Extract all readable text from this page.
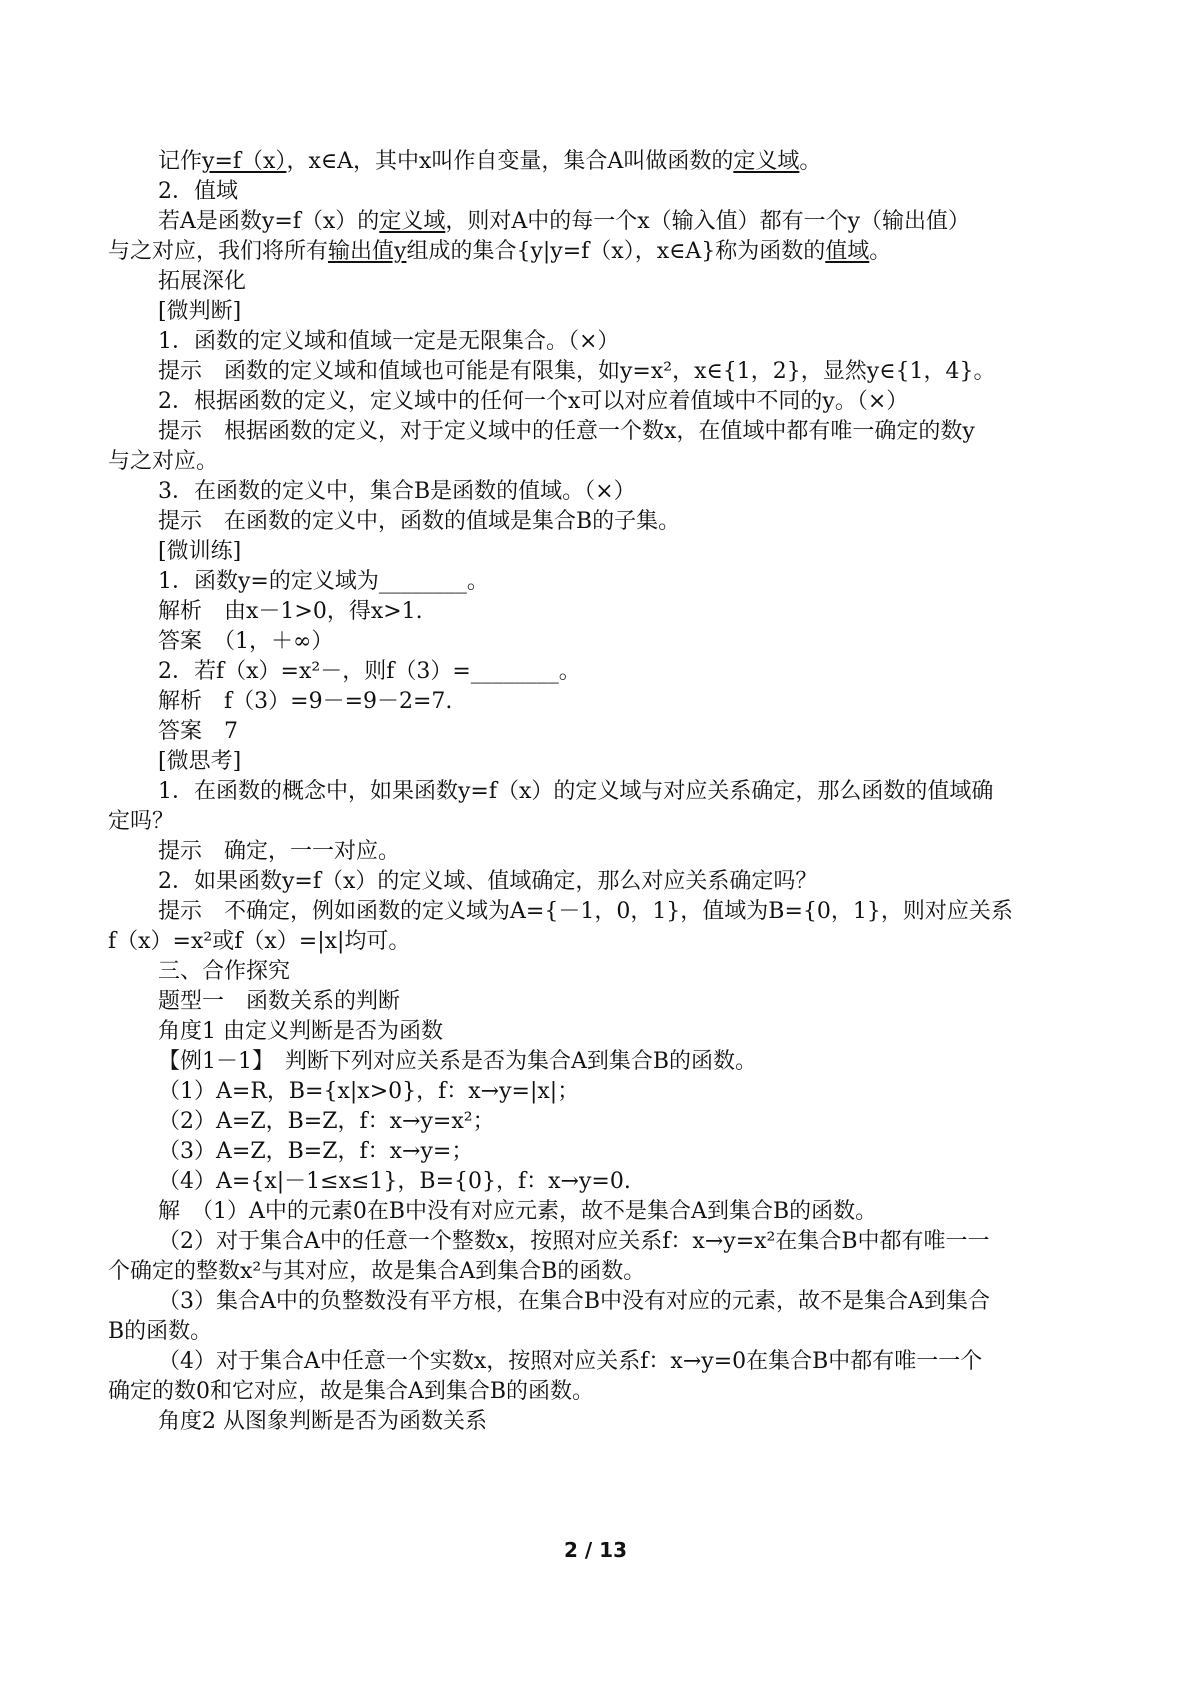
记作y=f（x），x∈A，其中x叫作自变量，集合A叫做函数的定义域。
2．值域
若A是函数y=f（x）的定义域，则对A中的每一个x（输入值）都有一个y（输出值）
与之对应，我们将所有输出值y组成的集合{y|y=f（x），x∈A}称为函数的值域。
拓展深化
[微判断]
1．函数的定义域和值域一定是无限集合。（×）
提示　函数的定义域和值域也可能是有限集，如y=x²，x∈{1，2}，显然y∈{1，4}。
2．根据函数的定义，定义域中的任何一个x可以对应着值域中不同的y。（×）
提示　根据函数的定义，对于定义域中的任意一个数x，在值域中都有唯一确定的数y
与之对应。
3．在函数的定义中，集合B是函数的值域。（×）
提示　在函数的定义中，函数的值域是集合B的子集。
[微训练]
1．函数y=的定义域为________。
解析　由x－1>0，得x>1.
答案　（1，＋∞）
2．若f（x）=x²－，则f（3）=________。
解析　f（3）=9－=9－2=7.
答案　7
[微思考]
1．在函数的概念中，如果函数y=f（x）的定义域与对应关系确定，那么函数的值域确
定吗？
提示　确定，一一对应。
2．如果函数y=f（x）的定义域、值域确定，那么对应关系确定吗？
提示　不确定，例如函数的定义域为A={－1，0，1}，值域为B={0，1}，则对应关系
f（x）=x²或f（x）=|x|均可。
三、合作探究
题型一　函数关系的判断
角度1 由定义判断是否为函数
【例1－1】　判断下列对应关系是否为集合A到集合B的函数。
（1）A=R，B={x|x>0}，f：x→y=|x|；
（2）A=Z，B=Z，f：x→y=x²；
（3）A=Z，B=Z，f：x→y=；
（4）A={x|－1≤x≤1}，B={0}，f：x→y=0.
解　（1）A中的元素0在B中没有对应元素，故不是集合A到集合B的函数。
（2）对于集合A中的任意一个整数x，按照对应关系f：x→y=x²在集合B中都有唯一一
个确定的整数x²与其对应，故是集合A到集合B的函数。
（3）集合A中的负整数没有平方根，在集合B中没有对应的元素，故不是集合A到集合
B的函数。
（4）对于集合A中任意一个实数x，按照对应关系f：x→y=0在集合B中都有唯一一个
确定的数0和它对应，故是集合A到集合B的函数。
角度2 从图象判断是否为函数关系
2 / 13
